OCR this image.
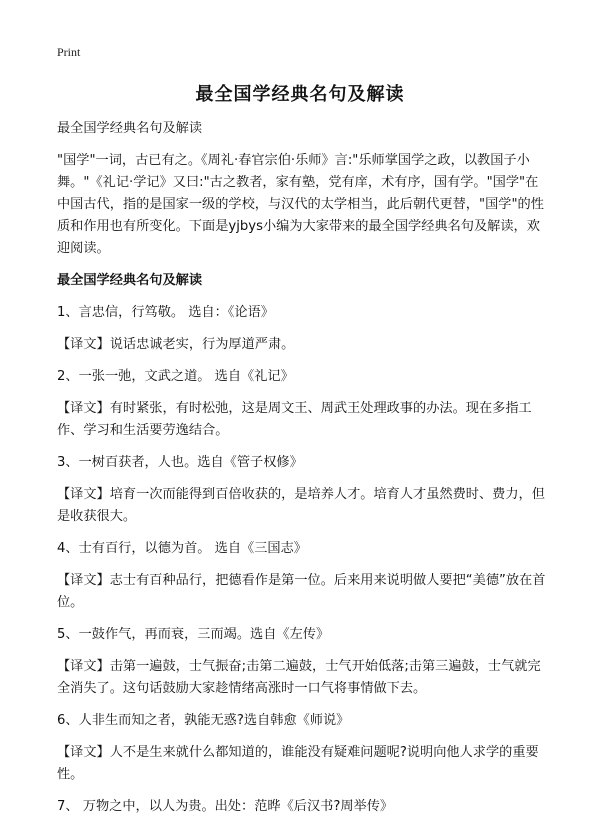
Print
最全国学经典名句及解读

最全国学经典名句及解读

"国学"一词，古已有之。《周礼·春官宗伯·乐师》言:"乐师掌国学之政，以教国子小舞。"《礼记·学记》又曰:"古之教者，家有塾，党有庠，术有序，国有学。"国学"在中国古代，指的是国家一级的学校，与汉代的太学相当，此后朝代更替，"国学"的性质和作用也有所变化。下面是yjbys小编为大家带来的最全国学经典名句及解读，欢迎阅读。

最全国学经典名句及解读

1、言忠信，行笃敬。 选自：《论语》

【译文】说话忠诚老实，行为厚道严肃。

2、一张一弛，文武之道。 选自《礼记》

【译文】有时紧张，有时松弛，这是周文王、周武王处理政事的办法。现在多指工作、学习和生活要劳逸结合。

3、一树百获者，人也。选自《管子权修》

【译文】培育一次而能得到百倍收获的，是培养人才。培育人才虽然费时、费力，但是收获很大。

4、士有百行，以德为首。 选自《三国志》

【译文】志士有百种品行，把德看作是第一位。后来用来说明做人要把“美德”放在首位。

5、一鼓作气，再而衰，三而竭。选自《左传》

【译文】击第一遍鼓，士气振奋;击第二遍鼓，士气开始低落;击第三遍鼓，士气就完全消失了。这句话鼓励大家趁情绪高涨时一口气将事情做下去。

6、人非生而知之者，孰能无惑?选自韩愈《师说》

【译文】人不是生来就什么都知道的，谁能没有疑难问题呢?说明向他人求学的重要性。

7、 万物之中，以人为贵。出处：范晔《后汉书?周举传》
